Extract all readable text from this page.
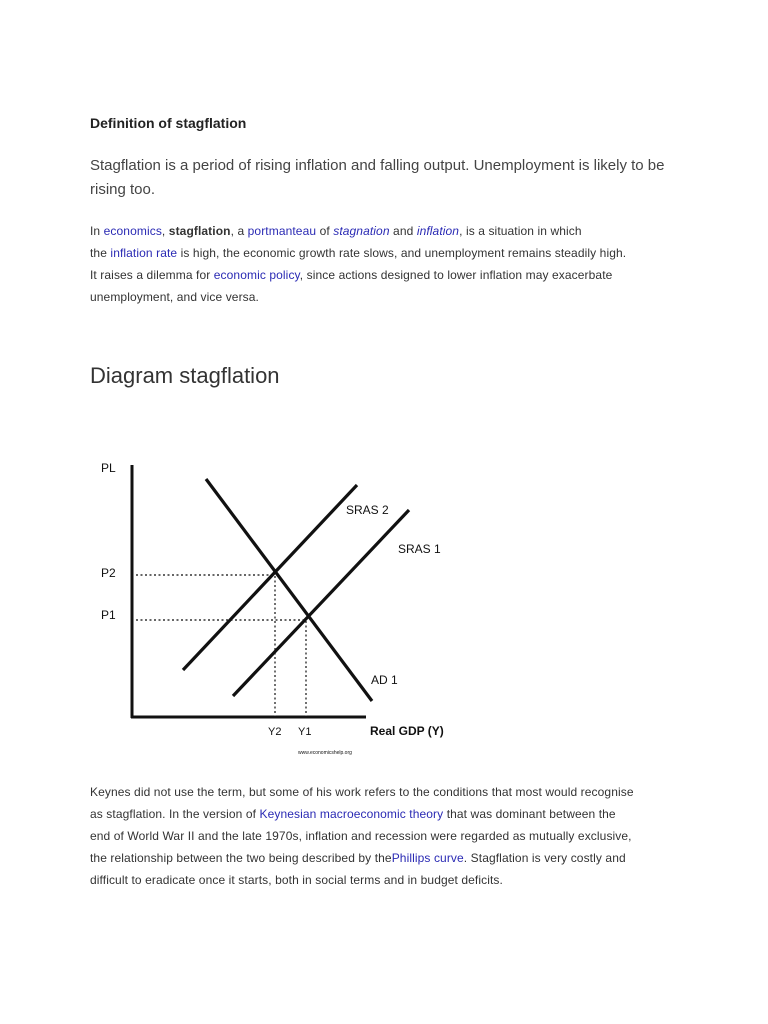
Definition of stagflation

Stagflation is a period of rising inflation and falling output. Unemployment is likely to be
rising too.

In economics, stagflation, a portmanteau of stagnation and inflation, is a situation in which
the inflation rate is high, the economic growth rate slows, and unemployment remains steadily high.
It raises a dilemma for economic policy, since actions designed to lower inflation may exacerbate
unemployment, and vice versa.

Diagram stagflation

Keynes did not use the term, but some of his work refers to the conditions that most would recognise
as stagflation. In the version of Keynesian macroeconomic theory that was dominant between the
end of World War II and the late 1970s, inflation and recession were regarded as mutually exclusive,
the relationship between the two being described by thePhillips curve. Stagflation is very costly and
difficult to eradicate once it starts, both in social terms and in budget deficits.

PL
P2
P1
SRAS 2
SRAS 1
AD 1
Y2 Y1	Real GDP (Y)
www.economicshelp.org
